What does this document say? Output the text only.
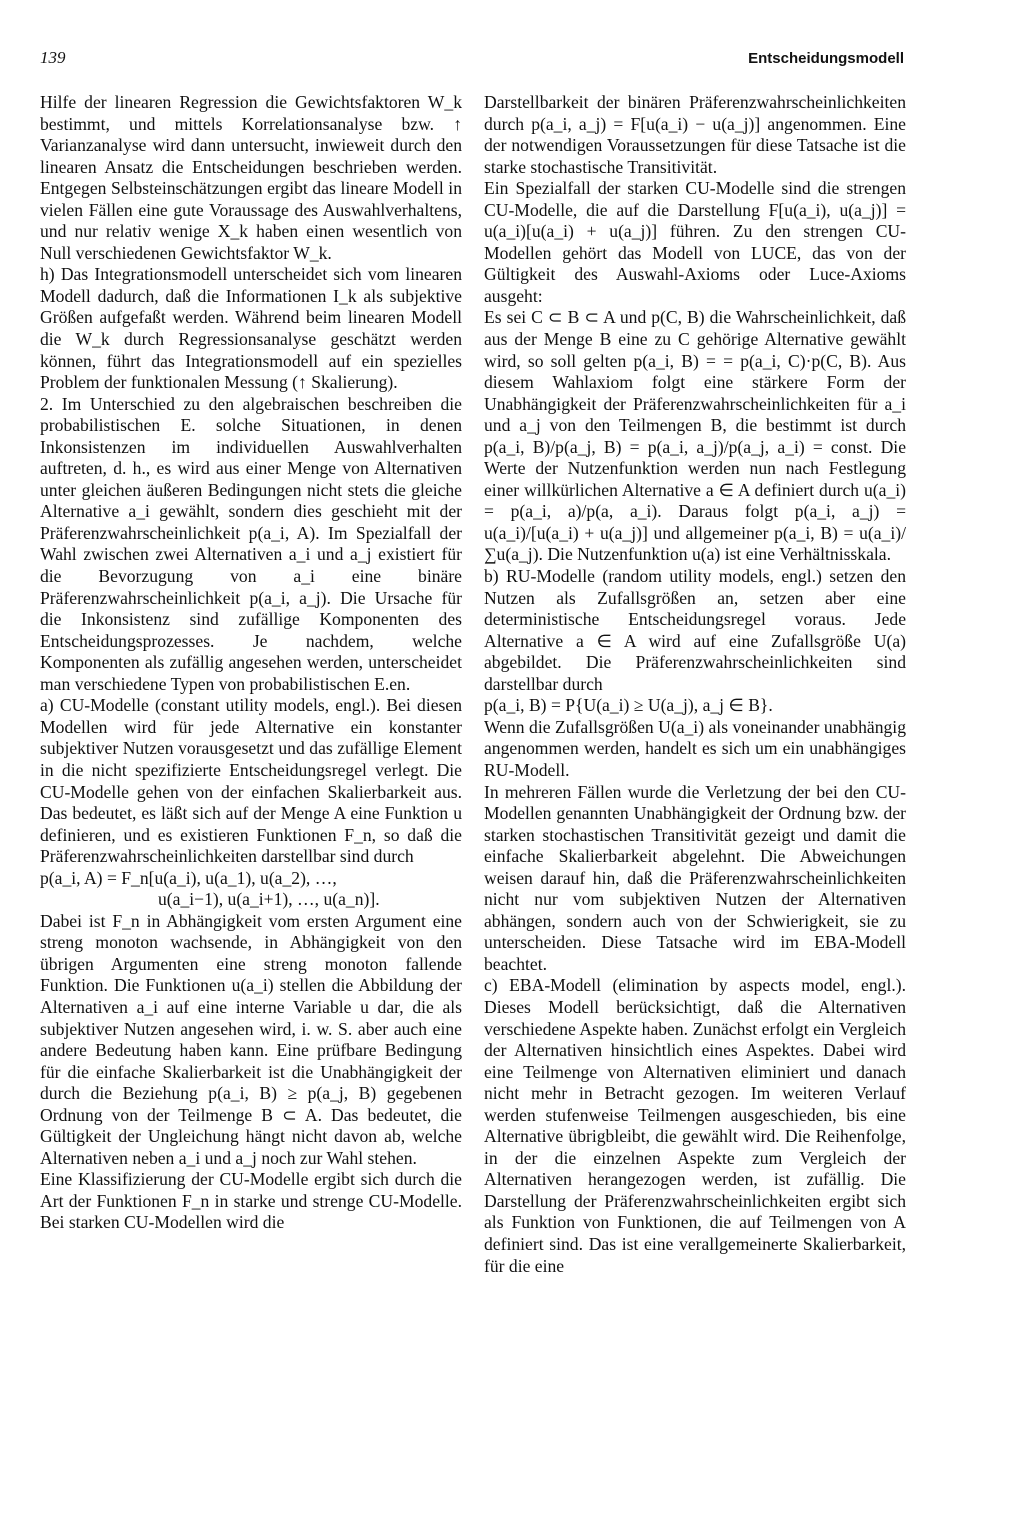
139	Entscheidungsmodell

Hilfe der linearen Regression die Gewichtsfaktoren W_k bestimmt, und mittels Korrelationsanalyse bzw. ↑ Varianzanalyse wird dann untersucht, inwieweit durch den linearen Ansatz die Entscheidungen beschrieben werden. Entgegen Selbsteinschätzungen ergibt das lineare Modell in vielen Fällen eine gute Voraussage des Auswahlverhaltens, und nur relativ wenige X_k haben einen wesentlich von Null verschiedenen Gewichtsfaktor W_k.

h) Das Integrationsmodell unterscheidet sich vom linearen Modell dadurch, daß die Informationen I_k als subjektive Größen aufgefaßt werden. Während beim linearen Modell die W_k durch Regressionsanalyse geschätzt werden können, führt das Integrationsmodell auf ein spezielles Problem der funktionalen Messung (↑ Skalierung).

2. Im Unterschied zu den algebraischen beschreiben die probabilistischen E. solche Situationen, in denen Inkonsistenzen im individuellen Auswahlverhalten auftreten, d. h., es wird aus einer Menge von Alternativen unter gleichen äußeren Bedingungen nicht stets die gleiche Alternative a_i gewählt, sondern dies geschieht mit der Präferenzwahrscheinlichkeit p(a_i, A). Im Spezialfall der Wahl zwischen zwei Alternativen a_i und a_j existiert für die Bevorzugung von a_i eine binäre Präferenzwahrscheinlichkeit p(a_i, a_j). Die Ursache für die Inkonsistenz sind zufällige Komponenten des Entscheidungsprozesses. Je nachdem, welche Komponenten als zufällig angesehen werden, unterscheidet man verschiedene Typen von probabilistischen E.en.

a) CU-Modelle (constant utility models, engl.). Bei diesen Modellen wird für jede Alternative ein konstanter subjektiver Nutzen vorausgesetzt und das zufällige Element in die nicht spezifizierte Entscheidungsregel verlegt. Die CU-Modelle gehen von der einfachen Skalierbarkeit aus. Das bedeutet, es läßt sich auf der Menge A eine Funktion u definieren, und es existieren Funktionen F_n, so daß die Präferenzwahrscheinlichkeiten darstellbar sind durch

p(a_i, A) = F_n[u(a_i), u(a_1), u(a_2), …,

u(a_i−1), u(a_i+1), …, u(a_n)].

Dabei ist F_n in Abhängigkeit vom ersten Argument eine streng monoton wachsende, in Abhängigkeit von den übrigen Argumenten eine streng monoton fallende Funktion. Die Funktionen u(a_i) stellen die Abbildung der Alternativen a_i auf eine interne Variable u dar, die als subjektiver Nutzen angesehen wird, i. w. S. aber auch eine andere Bedeutung haben kann. Eine prüfbare Bedingung für die einfache Skalierbarkeit ist die Unabhängigkeit der durch die Beziehung p(a_i, B) ≥ p(a_j, B) gegebenen Ordnung von der Teilmenge B ⊂ A. Das bedeutet, die Gültigkeit der Ungleichung hängt nicht davon ab, welche Alternativen neben a_i und a_j noch zur Wahl stehen.

Eine Klassifizierung der CU-Modelle ergibt sich durch die Art der Funktionen F_n in starke und strenge CU-Modelle. Bei starken CU-Modellen wird die

Darstellbarkeit der binären Präferenzwahrscheinlichkeiten durch p(a_i, a_j) = F[u(a_i) − u(a_j)] angenommen. Eine der notwendigen Voraussetzungen für diese Tatsache ist die starke stochastische Transitivität.

Ein Spezialfall der starken CU-Modelle sind die strengen CU-Modelle, die auf die Darstellung F[u(a_i), u(a_j)] = u(a_i)[u(a_i) + u(a_j)] führen. Zu den strengen CU-Modellen gehört das Modell von LUCE, das von der Gültigkeit des Auswahl-Axioms oder Luce-Axioms ausgeht:

Es sei C ⊂ B ⊂ A und p(C, B) die Wahrscheinlichkeit, daß aus der Menge B eine zu C gehörige Alternative gewählt wird, so soll gelten p(a_i, B) = = p(a_i, C)·p(C, B). Aus diesem Wahlaxiom folgt eine stärkere Form der Unabhängigkeit der Präferenzwahrscheinlichkeiten für a_i und a_j von den Teilmengen B, die bestimmt ist durch p(a_i, B)/p(a_j, B) = p(a_i, a_j)/p(a_j, a_i) = const. Die Werte der Nutzenfunktion werden nun nach Festlegung einer willkürlichen Alternative a ∈ A definiert durch u(a_i) = p(a_i, a)/p(a, a_i). Daraus folgt p(a_i, a_j) = u(a_i)/[u(a_i) + u(a_j)] und allgemeiner p(a_i, B) = u(a_i)/∑u(a_j). Die Nutzenfunktion u(a) ist eine Verhältnisskala.

b) RU-Modelle (random utility models, engl.) setzen den Nutzen als Zufallsgrößen an, setzen aber eine deterministische Entscheidungsregel voraus. Jede Alternative a ∈ A wird auf eine Zufallsgröße U(a) abgebildet. Die Präferenzwahrscheinlichkeiten sind darstellbar durch

p(a_i, B) = P{U(a_i) ≥ U(a_j), a_j ∈ B}.

Wenn die Zufallsgrößen U(a_i) als voneinander unabhängig angenommen werden, handelt es sich um ein unabhängiges RU-Modell.

In mehreren Fällen wurde die Verletzung der bei den CU-Modellen genannten Unabhängigkeit der Ordnung bzw. der starken stochastischen Transitivität gezeigt und damit die einfache Skalierbarkeit abgelehnt. Die Abweichungen weisen darauf hin, daß die Präferenzwahrscheinlichkeiten nicht nur vom subjektiven Nutzen der Alternativen abhängen, sondern auch von der Schwierigkeit, sie zu unterscheiden. Diese Tatsache wird im EBA-Modell beachtet.

c) EBA-Modell (elimination by aspects model, engl.). Dieses Modell berücksichtigt, daß die Alternativen verschiedene Aspekte haben. Zunächst erfolgt ein Vergleich der Alternativen hinsichtlich eines Aspektes. Dabei wird eine Teilmenge von Alternativen eliminiert und danach nicht mehr in Betracht gezogen. Im weiteren Verlauf werden stufenweise Teilmengen ausgeschieden, bis eine Alternative übrigbleibt, die gewählt wird. Die Reihenfolge, in der die einzelnen Aspekte zum Vergleich der Alternativen herangezogen werden, ist zufällig. Die Darstellung der Präferenzwahrscheinlichkeiten ergibt sich als Funktion von Funktionen, die auf Teilmengen von A definiert sind. Das ist eine verallgemeinerte Skalierbarkeit, für die eine
